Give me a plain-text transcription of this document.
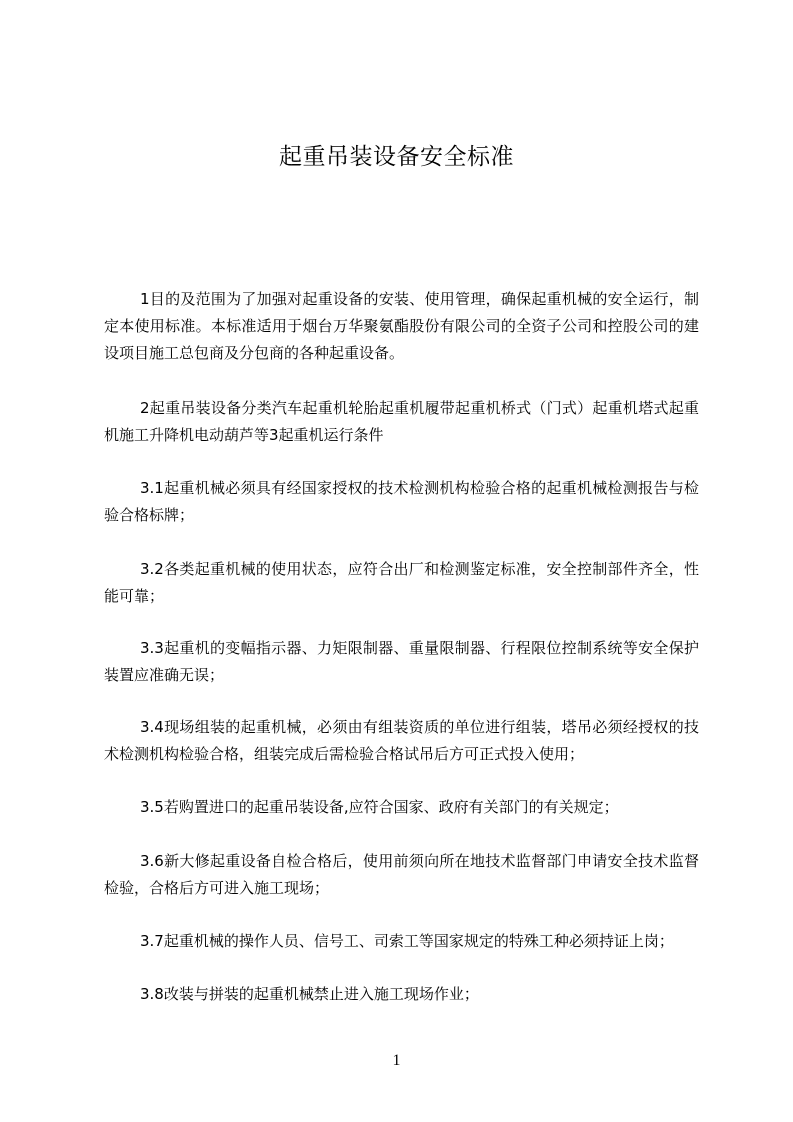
起重吊装设备安全标准

1目的及范围为了加强对起重设备的安装、使用管理，确保起重机械的安全运行，制定本使用标准。本标准适用于烟台万华聚氨酯股份有限公司的全资子公司和控股公司的建设项目施工总包商及分包商的各种起重设备。

2起重吊装设备分类汽车起重机轮胎起重机履带起重机桥式（门式）起重机塔式起重机施工升降机电动葫芦等3起重机运行条件

3.1起重机械必须具有经国家授权的技术检测机构检验合格的起重机械检测报告与检验合格标牌；

3.2各类起重机械的使用状态，应符合出厂和检测鉴定标准，安全控制部件齐全，性能可靠；

3.3起重机的变幅指示器、力矩限制器、重量限制器、行程限位控制系统等安全保护装置应准确无误；

3.4现场组装的起重机械，必须由有组装资质的单位进行组装，塔吊必须经授权的技术检测机构检验合格，组装完成后需检验合格试吊后方可正式投入使用；

3.5若购置进口的起重吊装设备,应符合国家、政府有关部门的有关规定；

3.6新大修起重设备自检合格后，使用前须向所在地技术监督部门申请安全技术监督检验，合格后方可进入施工现场；

3.7起重机械的操作人员、信号工、司索工等国家规定的特殊工种必须持证上岗；

3.8改装与拼装的起重机械禁止进入施工现场作业；

1
